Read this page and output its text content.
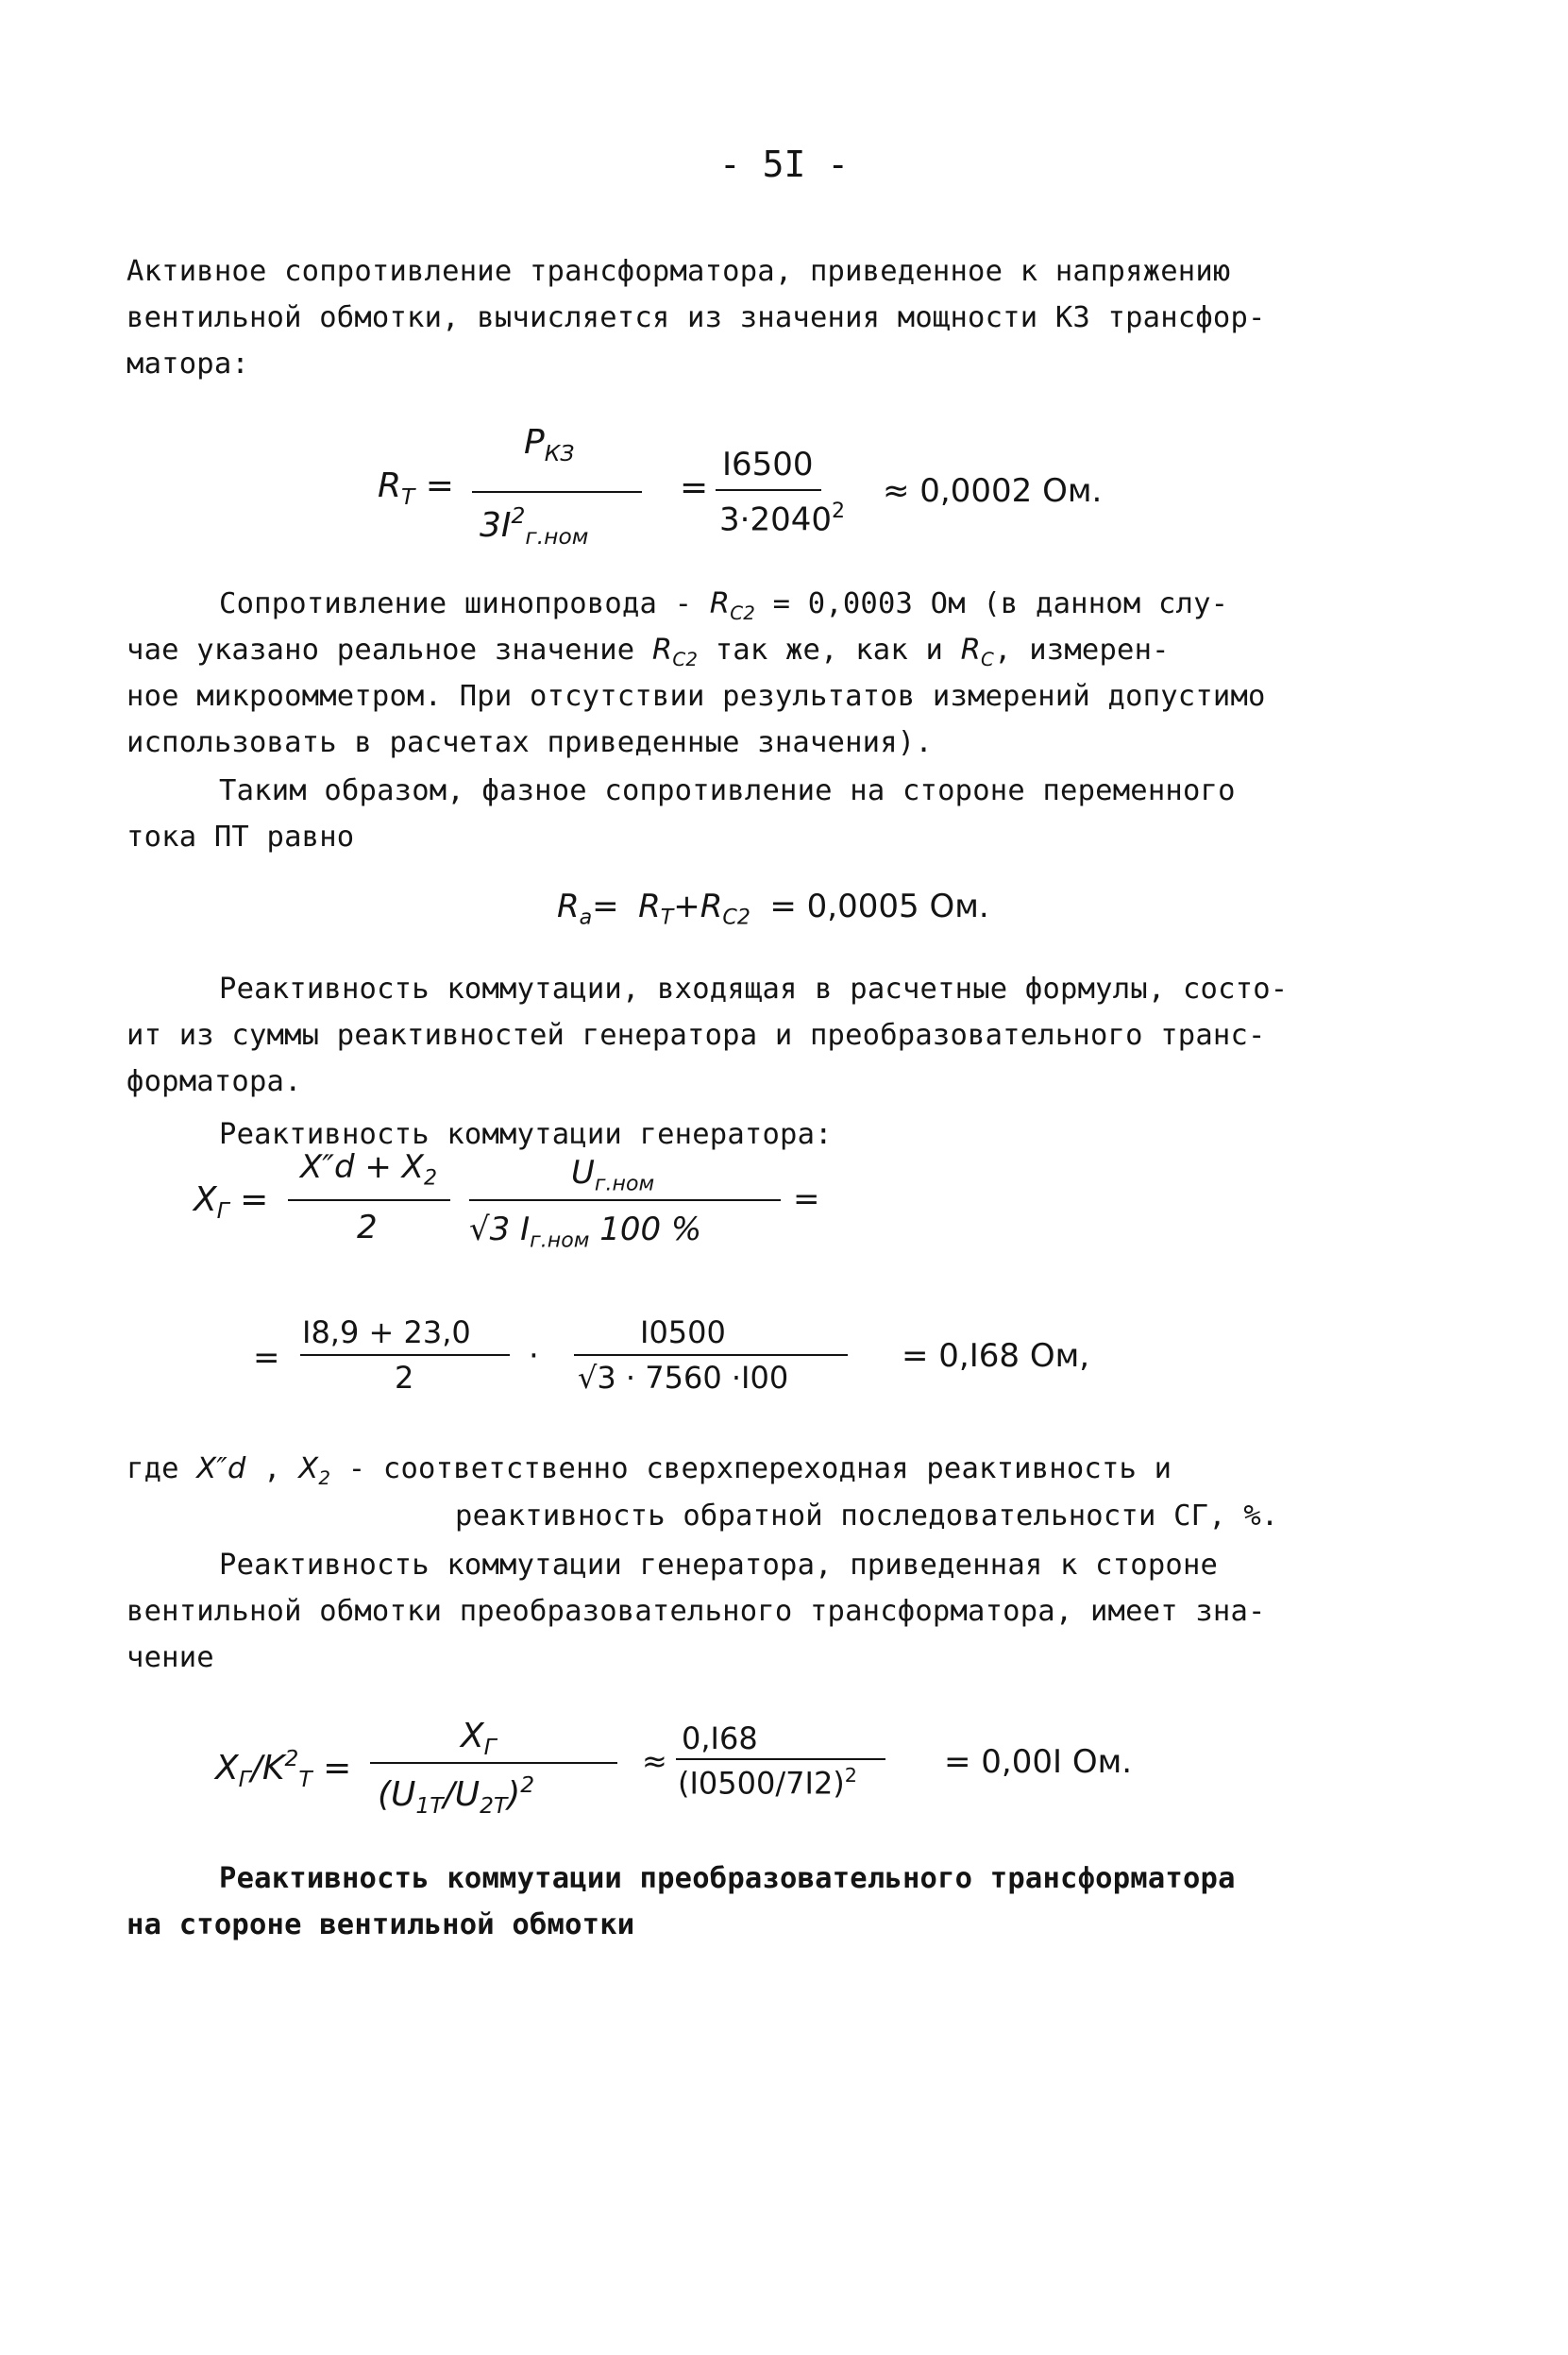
- 5I -
Активное сопротивление трансформатора, приведенное к напряжению
вентильной обмотки, вычисляется из значения мощности КЗ трансфор-
матора:
$R_T$ =
$P_{КЗ}$
$3I^2_{г.ном}$
=
I6500
$3\cdot 2040^2$
≈ 0,0002 Ом.
Сопротивление шинопровода - $R_{C2} = 0,0003$ Ом (в данном слу-
чае указано реальное значение $R_{C2}$ так же, как и $R_C$, измерен-
ное микроомметром. При отсутствии результатов измерений допустимо
использовать в расчетах приведенные значения).
Таким образом, фазное сопротивление на стороне переменного
тока ПТ равно
$R_a= R_T+R_{C2} = 0,0005$ Ом.
Реактивность коммутации, входящая в расчетные формулы, состо-
ит из суммы реактивностей генератора и преобразовательного транс-
форматора.
Реактивность коммутации генератора:
$X_Г$ =
$X''d + X_2$
2
$U_{г.ном}$
√3 $I_{г.ном}$ 100 %
=
=
I8,9 + 23,0
2
·
I0500
√3 · 7560 ·I00
= 0,I68 Ом,
где X″d , $X_2$ - соответственно сверхпереходная реактивность и
реактивность обратной последовательности СГ, %.
Реактивность коммутации генератора, приведенная к стороне
вентильной обмотки преобразовательного трансформатора, имеет зна-
чение
$X_Г/K^2_T$ =
$X_Г$
$(U_{1T}/U_{2T})^2$
≈
0,I68
$(I0500/7I2)^2$	= 0,00I Ом.
Реактивность коммутации преобразовательного трансформатора
на стороне вентильной обмотки
